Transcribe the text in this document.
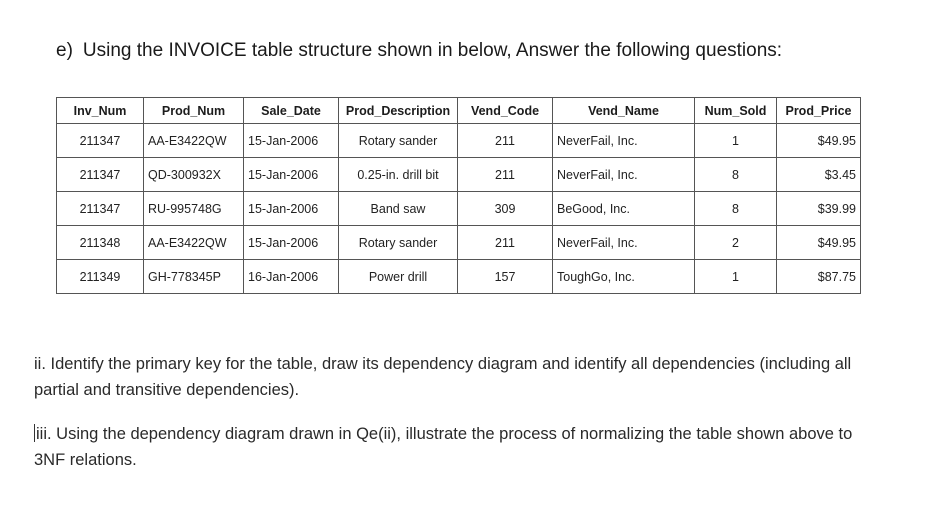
e) Using the INVOICE table structure shown in below, Answer the following questions:
Inv_Num	Prod_Num	Sale_Date	Prod_Description	Vend_Code	Vend_Name	Num_Sold	Prod_Price
211347	AA-E3422QW	15-Jan-2006	Rotary sander	211	NeverFail, Inc.	1	$49.95
211347	QD-300932X	15-Jan-2006	0.25-in. drill bit	211	NeverFail, Inc.	8	$3.45
211347	RU-995748G	15-Jan-2006	Band saw	309	BeGood, Inc.	8	$39.99
211348	AA-E3422QW	15-Jan-2006	Rotary sander	211	NeverFail, Inc.	2	$49.95
211349	GH-778345P	16-Jan-2006	Power drill	157	ToughGo, Inc.	1	$87.75
ii. Identify the primary key for the table, draw its dependency diagram and identify all dependencies (including all partial and transitive dependencies).
iii. Using the dependency diagram drawn in Qe(ii), illustrate the process of normalizing the table shown above to 3NF relations.
